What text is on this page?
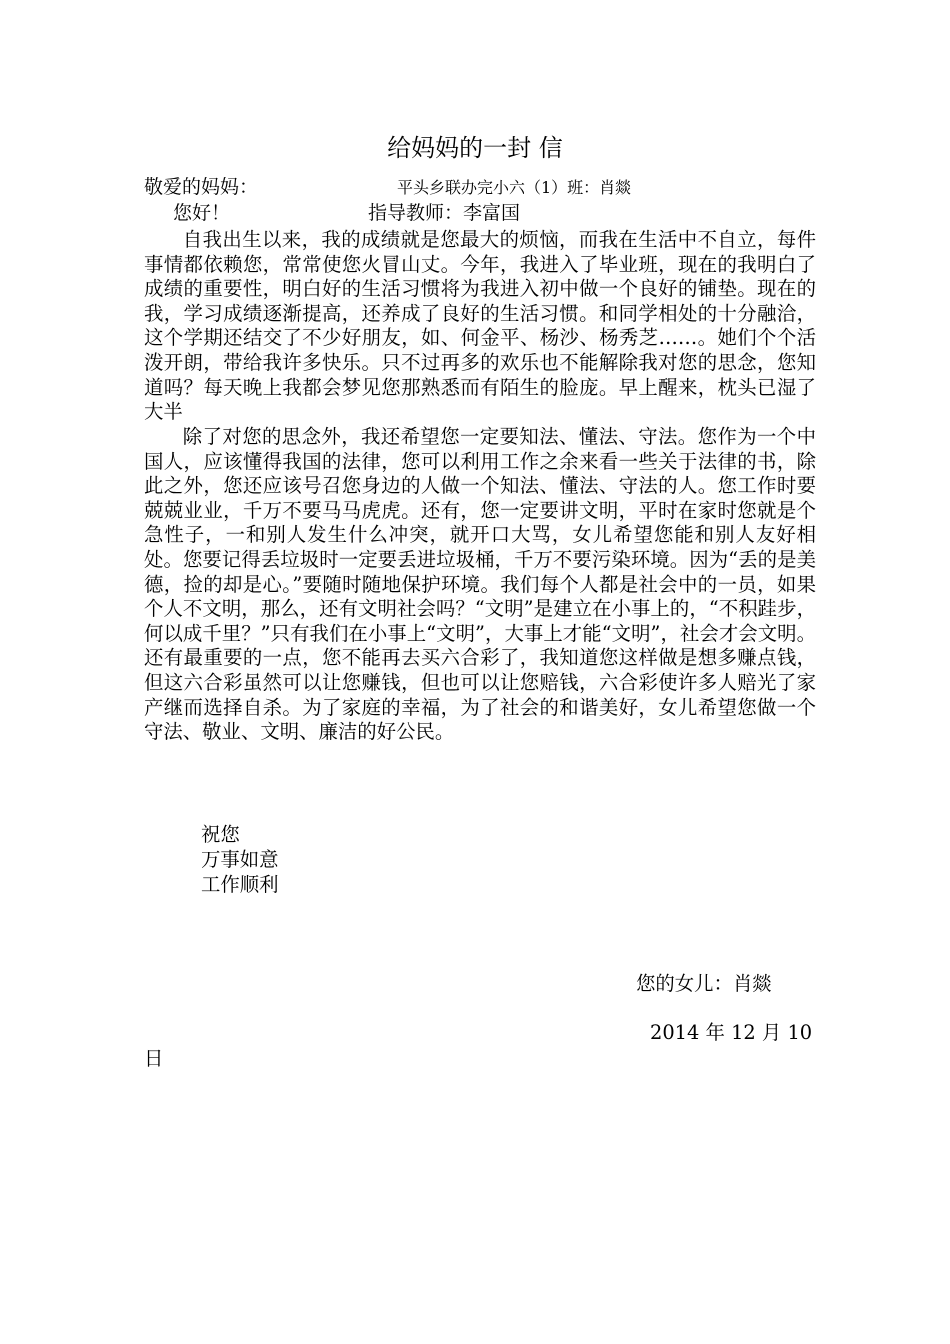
给妈妈的一封 信
敬爱的妈妈：	平头乡联办完小六（1）班：肖燚
您好！	指导教师：李富国
自我出生以来，我的成绩就是您最大的烦恼，而我在生活中不自立，每件事情都依赖您，常常使您火冒山丈。今年，我进入了毕业班，现在的我明白了成绩的重要性，明白好的生活习惯将为我进入初中做一个良好的铺垫。现在的我，学习成绩逐渐提高，还养成了良好的生活习惯。和同学相处的十分融洽，这个学期还结交了不少好朋友，如、何金平、杨沙、杨秀芝……。她们个个活泼开朗，带给我许多快乐。只不过再多的欢乐也不能解除我对您的思念，您知道吗？每天晚上我都会梦见您那熟悉而有陌生的脸庞。早上醒来，枕头已湿了大半
除了对您的思念外，我还希望您一定要知法、懂法、守法。您作为一个中国人，应该懂得我国的法律，您可以利用工作之余来看一些关于法律的书，除此之外，您还应该号召您身边的人做一个知法、懂法、守法的人。您工作时要兢兢业业，千万不要马马虎虎。还有，您一定要讲文明，平时在家时您就是个急性子，一和别人发生什么冲突，就开口大骂，女儿希望您能和别人友好相处。您要记得丢垃圾时一定要丢进垃圾桶，千万不要污染环境。因为“丢的是美德，捡的却是心。”要随时随地保护环境。我们每个人都是社会中的一员，如果个人不文明，那么，还有文明社会吗？“文明”是建立在小事上的，“不积跬步，何以成千里？”只有我们在小事上“文明”，大事上才能“文明”，社会才会文明。还有最重要的一点，您不能再去买六合彩了，我知道您这样做是想多赚点钱，但这六合彩虽然可以让您赚钱，但也可以让您赔钱，六合彩使许多人赔光了家产继而选择自杀。为了家庭的幸福，为了社会的和谐美好，女儿希望您做一个守法、敬业、文明、廉洁的好公民。
祝您
万事如意
工作顺利
您的女儿：肖燚
2014 年 12 月 10
日
